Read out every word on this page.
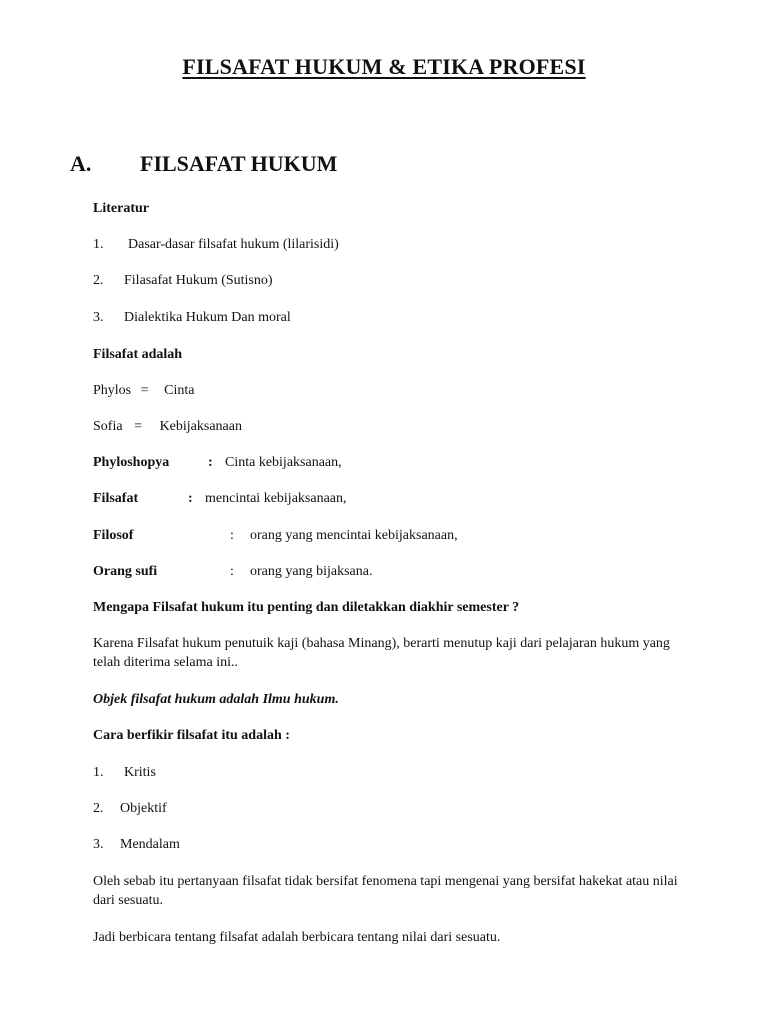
FILSAFAT HUKUM & ETIKA PROFESI
A. FILSAFAT HUKUM
Literatur
1. Dasar-dasar filsafat hukum (lilarisidi)
2. Filasafat Hukum (Sutisno)
3. Dialektika Hukum Dan moral
Filsafat adalah
Phylos = Cinta
Sofia = Kebijaksanaan
Phyloshopya	: Cinta kebijaksanaan,
Filsafat	: mencintai kebijaksanaan,
Filosof	: orang yang mencintai kebijaksanaan,
Orang sufi	: orang yang bijaksana.
Mengapa Filsafat hukum itu penting dan diletakkan diakhir semester ?
Karena Filsafat hukum penutuik kaji (bahasa Minang), berarti menutup kaji dari pelajaran hukum yang telah diterima selama ini..
Objek filsafat hukum adalah Ilmu hukum.
Cara berfikir filsafat itu adalah :
1. Kritis
2. Objektif
3. Mendalam
Oleh sebab itu pertanyaan filsafat tidak bersifat fenomena tapi mengenai yang bersifat hakekat atau nilai dari sesuatu.
Jadi berbicara tentang filsafat adalah berbicara tentang nilai dari sesuatu.
